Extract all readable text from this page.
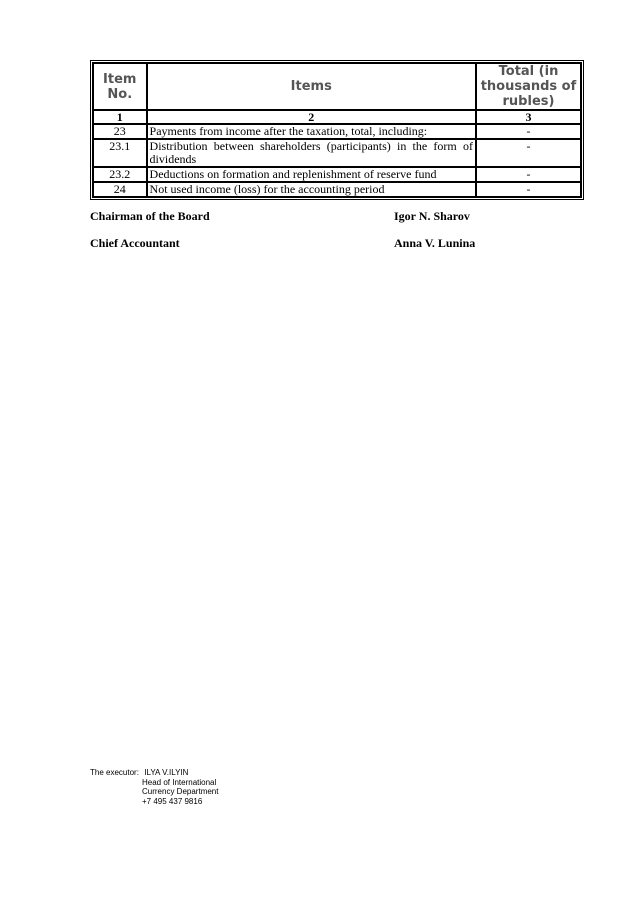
Item No.	Items	Total (in thousands of rubles)
1	2	3
23	Payments from income after the taxation, total, including:	-
23.1	Distribution between shareholders (participants) in the form of dividends	-
23.2	Deductions on formation and replenishment of reserve fund	-
24	Not used income (loss) for the accounting period	-
Chairman of the Board	Igor N. Sharov
Chief Accountant	Anna V. Lunina
The executor: ILYA V.ILYIN
Head of International
Currency Department
+7 495 437 9816
